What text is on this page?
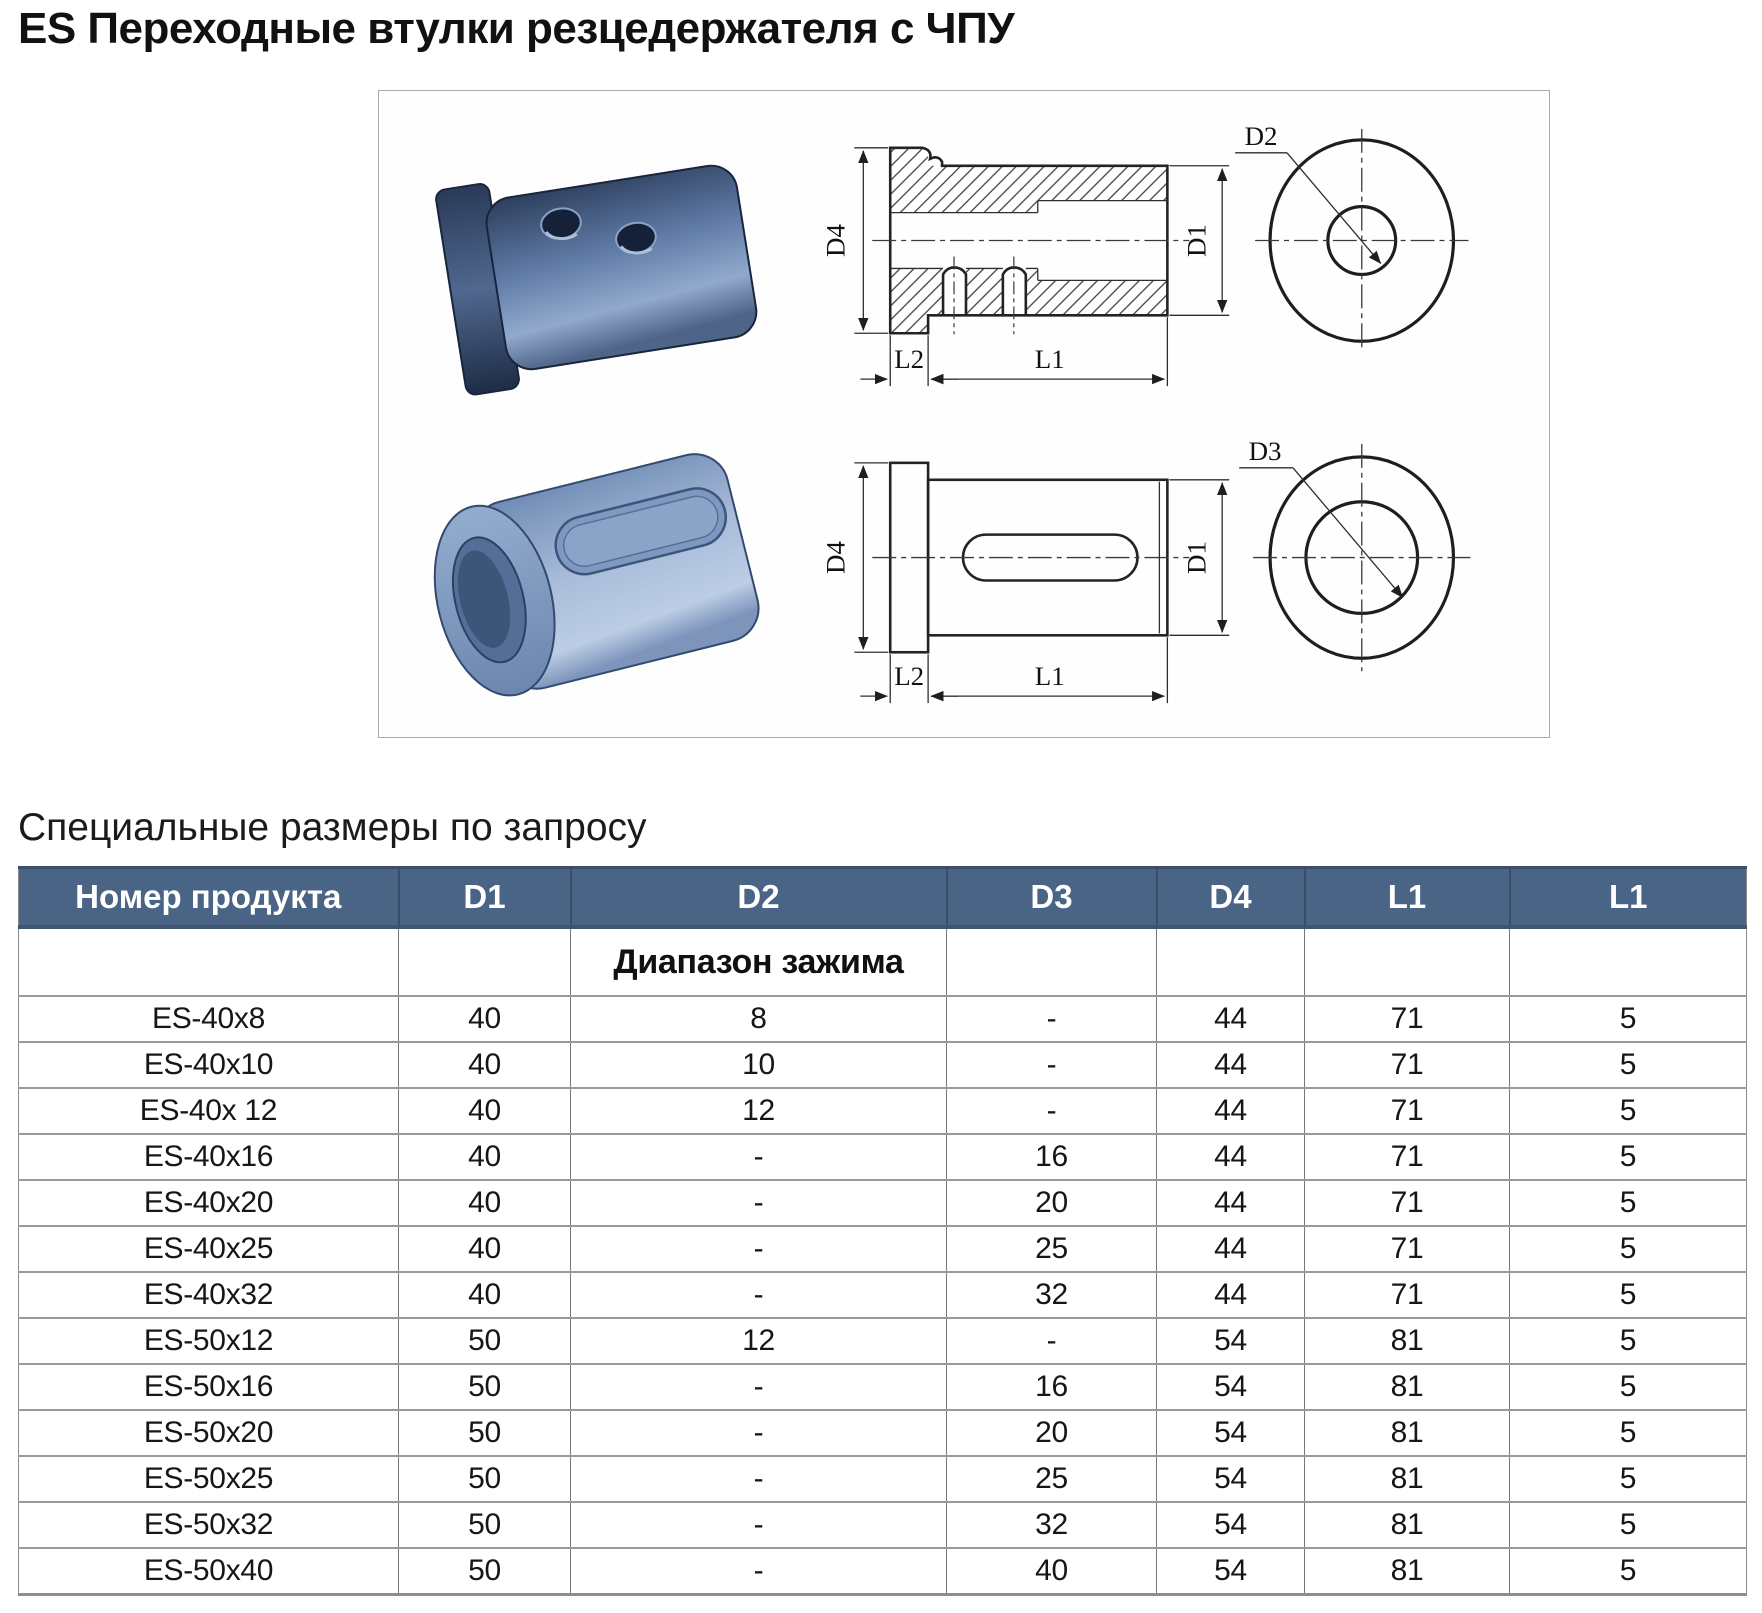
ES Переходные втулки резцедержателя с ЧПУ
D4	D1
L2	L1
D2
D4	D1
L2	L1
D3
Специальные размеры по запросу
Номер продукта	D1	D2	D3	D4	L1	L1
		Диапазон зажима				
ES-40x8	40	8	-	44	71	5
ES-40x10	40	10	-	44	71	5
ES-40x 12	40	12	-	44	71	5
ES-40x16	40	-	16	44	71	5
ES-40x20	40	-	20	44	71	5
ES-40x25	40	-	25	44	71	5
ES-40x32	40	-	32	44	71	5
ES-50x12	50	12	-	54	81	5
ES-50x16	50	-	16	54	81	5
ES-50x20	50	-	20	54	81	5
ES-50x25	50	-	25	54	81	5
ES-50x32	50	-	32	54	81	5
ES-50x40	50	-	40	54	81	5
